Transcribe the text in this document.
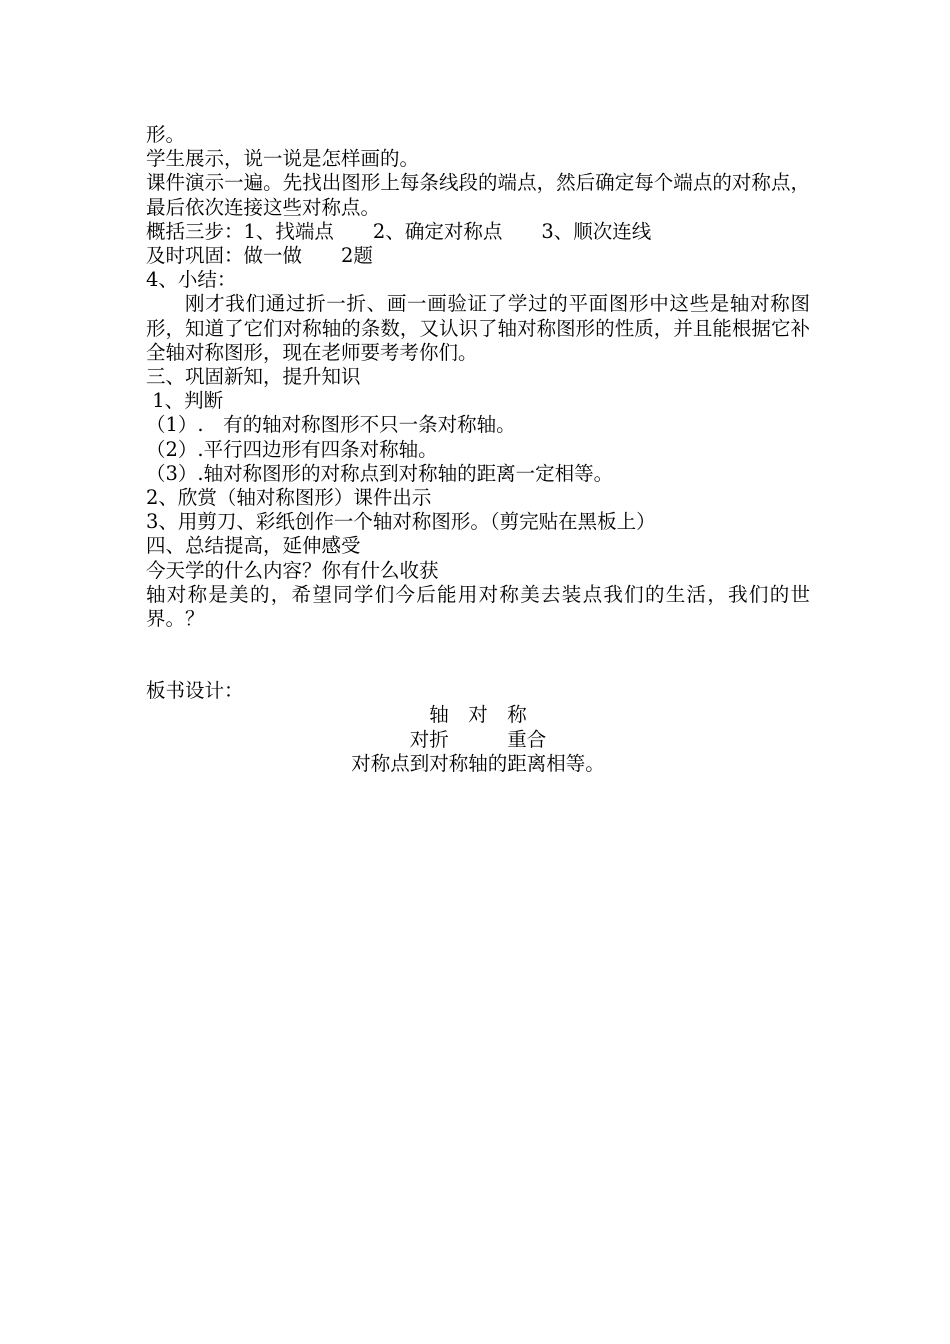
形。

学生展示，说一说是怎样画的。

课件演示一遍。先找出图形上每条线段的端点，然后确定每个端点的对称点，最后依次连接这些对称点。

概括三步：1、找端点　　2、确定对称点　　3、顺次连线

及时巩固：做一做　　2题

4、小结：

刚才我们通过折一折、画一画验证了学过的平面图形中这些是轴对称图形，知道了它们对称轴的条数，又认识了轴对称图形的性质，并且能根据它补全轴对称图形，现在老师要考考你们。

三、巩固新知，提升知识

1、判断

（1）.　有的轴对称图形不只一条对称轴。

（2）.平行四边形有四条对称轴。

（3）.轴对称图形的对称点到对称轴的距离一定相等。

2、欣赏（轴对称图形）课件出示

3、用剪刀、彩纸创作一个轴对称图形。（剪完贴在黑板上）

四、总结提高，延伸感受

今天学的什么内容？你有什么收获

轴对称是美的，希望同学们今后能用对称美去装点我们的生活，我们的世界。？

板书设计：

轴　对　称

对折　　　重合

对称点到对称轴的距离相等。
